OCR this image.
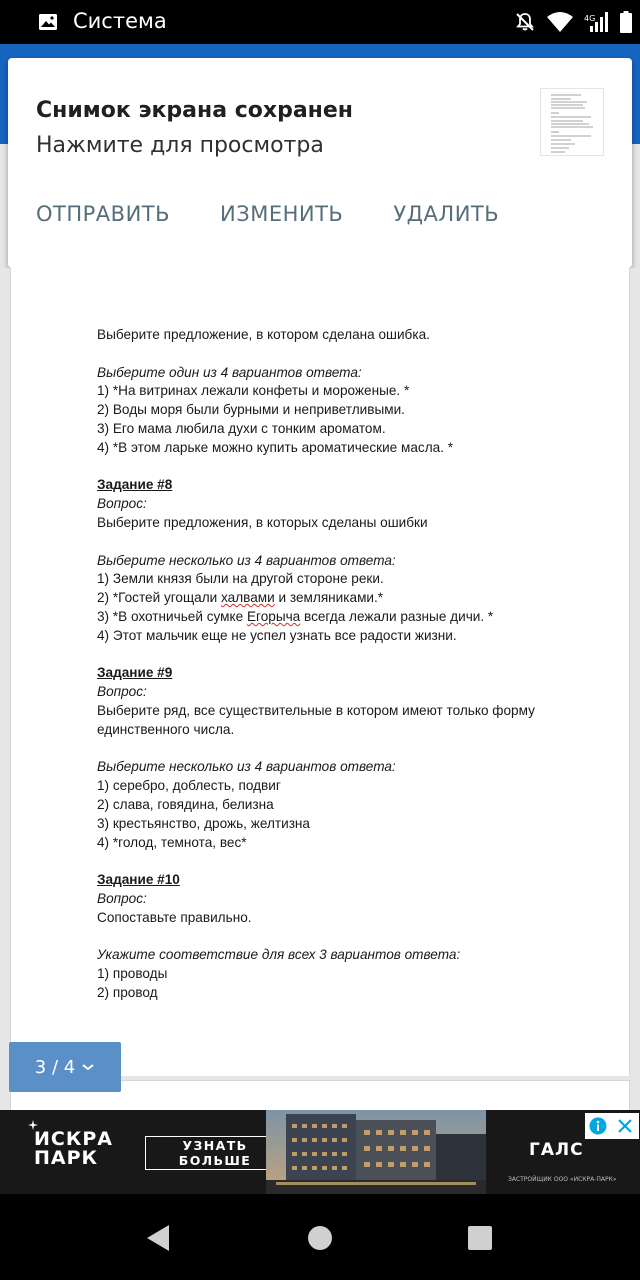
Система	4G
Снимок экрана сохранен
Нажмите для просмотра
ОТПРАВИТЬ ИЗМЕНИТЬ УДАЛИТЬ

Выберите предложение, в котором сделана ошибка.

Выберите один из 4 вариантов ответа:

1) *На витринах лежали конфеты и мороженые. *

2) Воды моря были бурными и неприветливыми.

3) Его мама любила духи с тонким ароматом.

4) *В этом ларьке можно купить ароматические масла. *

Задание #8

Вопрос:

Выберите предложения, в которых сделаны ошибки

Выберите несколько из 4 вариантов ответа:

1) Земли князя были на другой стороне реки.

2) *Гостей угощали халвами и земляниками.*

3) *В охотничьей сумке Егорыча всегда лежали разные дичи. *

4) Этот мальчик еще не успел узнать все радости жизни.

Задание #9

Вопрос:

Выберите ряд, все существительные в котором имеют только форму

единственного числа.

Выберите несколько из 4 вариантов ответа:

1) серебро, доблесть, подвиг

2) слава, говядина, белизна

3) крестьянство, дрожь, желтизна

4) *голод, темнота, вес*

Задание #10

Вопрос:

Сопоставьте правильно.

Укажите соответствие для всех 3 вариантов ответа:

1) проводы

2) провод

3 / 4
ИСКРА
ПАРК
УЗНАТЬ БОЛЬШЕ
ГАЛС
ЗАСТРОЙЩИК ООО «ИСКРА-ПАРК»
